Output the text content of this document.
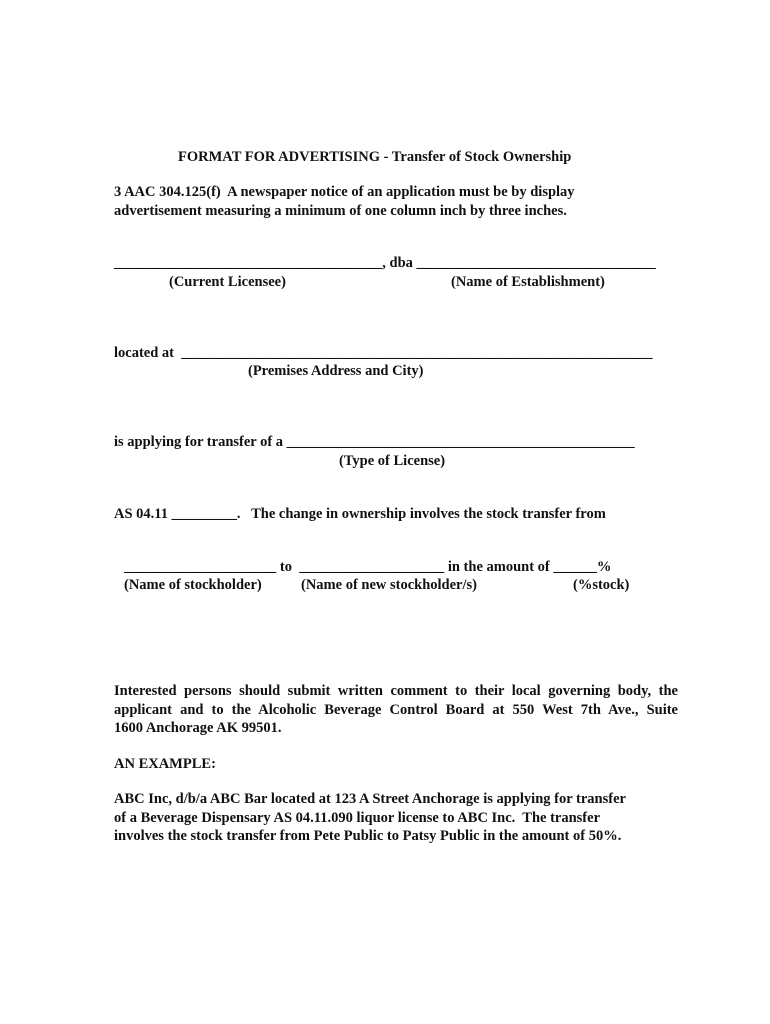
FORMAT FOR ADVERTISING - Transfer of Stock Ownership
3 AAC 304.125(f)  A newspaper notice of an application must be by display
advertisement measuring a minimum of one column inch by three inches.
_____________________________________, dba _________________________________
(Current Licensee)	(Name of Establishment)
located at  _________________________________________________________________
(Premises Address and City)
is applying for transfer of a ________________________________________________
(Type of License)
AS 04.11 _________.   The change in ownership involves the stock transfer from
_____________________ to  ____________________ in the amount of ______%
(Name of stockholder)	(Name of new stockholder/s)	(%stock)
Interested persons should submit written comment to their local governing body, the
applicant and to the Alcoholic Beverage Control Board at 550 West 7th Ave., Suite
1600 Anchorage AK 99501.
AN EXAMPLE:
ABC Inc, d/b/a ABC Bar located at 123 A Street Anchorage is applying for transfer
of a Beverage Dispensary AS 04.11.090 liquor license to ABC Inc.  The transfer
involves the stock transfer from Pete Public to Patsy Public in the amount of 50%.
